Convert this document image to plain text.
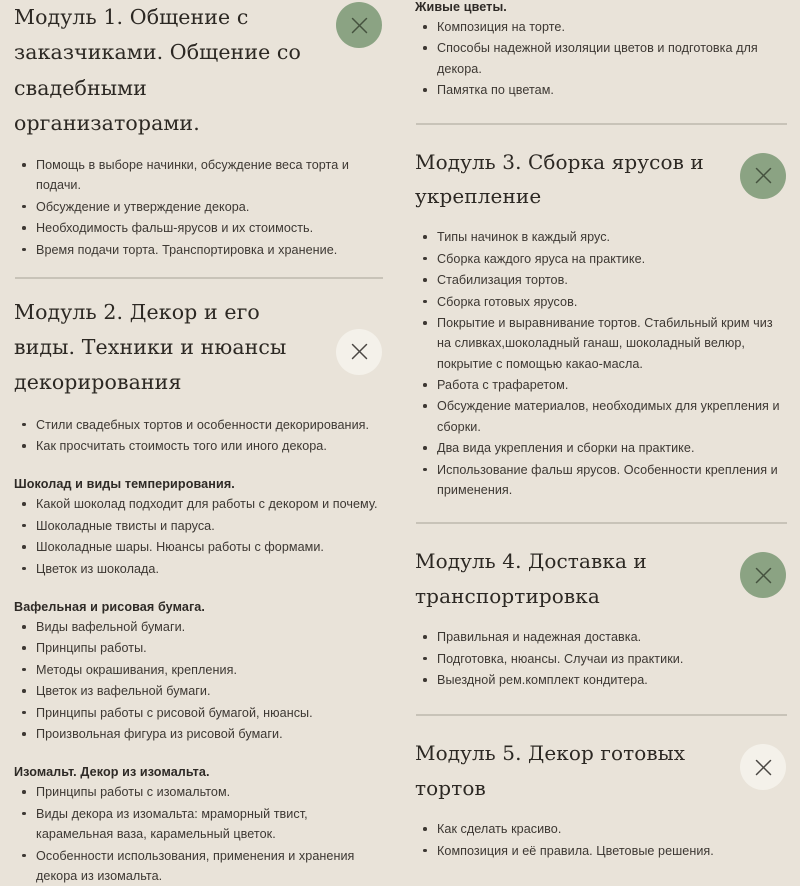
Модуль 1. Общение с заказчиками. Общение со свадебными организаторами.
Помощь в выборе начинки, обсуждение веса торта и подачи.
Обсуждение и утверждение декора.
Необходимость фальш-ярусов и их стоимость.
Время подачи торта. Транспортировка и хранение.
Модуль 2. Декор и его виды. Техники и нюансы декорирования
Стили свадебных тортов и особенности декорирования.
Как просчитать стоимость того или иного декора.
Шоколад и виды темперирования.
Какой шоколад подходит для работы с декором и почему.
Шоколадные твисты и паруса.
Шоколадные шары. Нюансы работы с формами.
Цветок из шоколада.
Вафельная и рисовая бумага.
Виды вафельной бумаги.
Принципы работы.
Методы окрашивания, крепления.
Цветок из вафельной бумаги.
Принципы работы с рисовой бумагой, нюансы.
Произвольная фигура из рисовой бумаги.
Изомальт. Декор из изомальта.
Принципы работы с изомальтом.
Виды декора из изомальта: мраморный твист, карамельная ваза, карамельный цветок.
Особенности использования, применения и хранения декора из изомальта.
Живые цветы.
Композиция на торте.
Способы надежной изоляции цветов и подготовка для декора.
Памятка по цветам.
Модуль 3. Сборка ярусов и укрепление
Типы начинок в каждый ярус.
Сборка каждого яруса на практике.
Стабилизация тортов.
Сборка готовых ярусов.
Покрытие и выравнивание тортов. Стабильный крим чиз на сливках,шоколадный ганаш, шоколадный велюр, покрытие с помощью какао-масла.
Работа с трафаретом.
Обсуждение материалов, необходимых для укрепления и сборки.
Два вида укрепления и сборки на практике.
Использование фальш ярусов. Особенности крепления и применения.
Модуль 4. Доставка и транспортировка
Правильная и надежная доставка.
Подготовка, нюансы. Случаи из практики.
Выездной рем.комплект кондитера.
Модуль 5. Декор готовых тортов
Как сделать красиво.
Композиция и её правила. Цветовые решения.
